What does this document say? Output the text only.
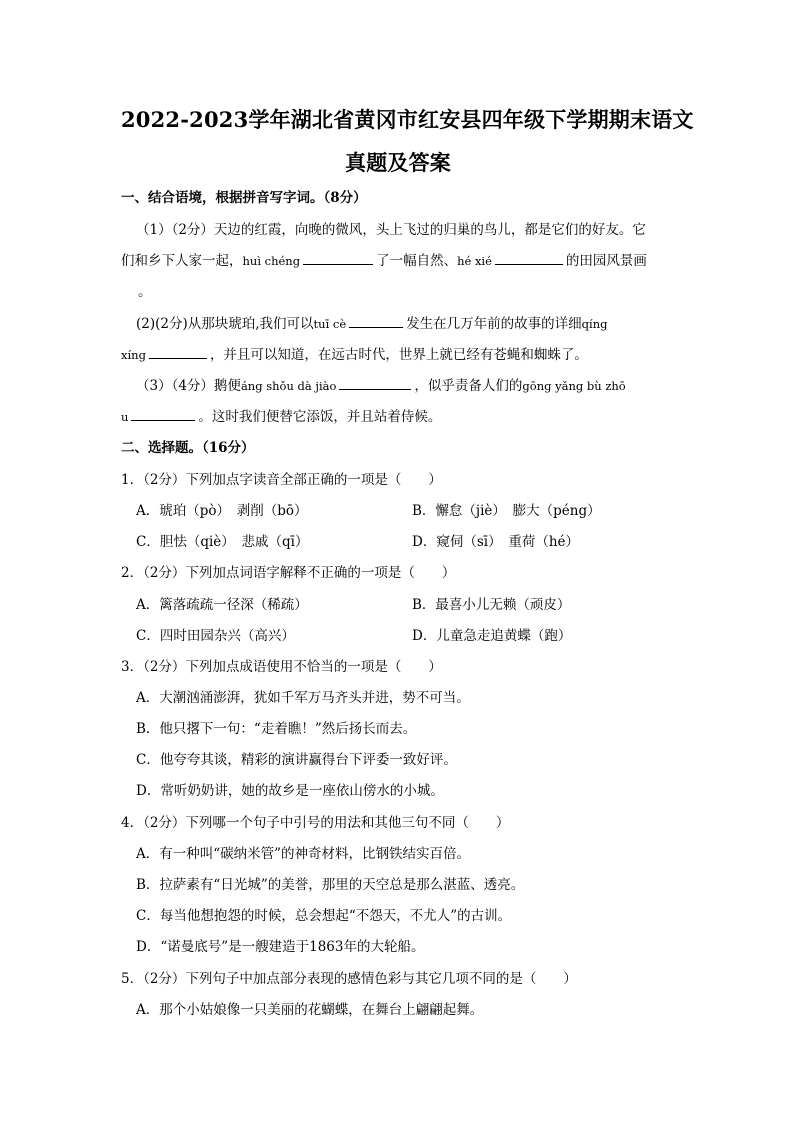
2022-2023学年湖北省黄冈市红安县四年级下学期期末语文
真题及答案
一、结合语境，根据拼音写字词。（8分）
（1）（2分）天边的红霞，向晚的微风，头上飞过的归巢的鸟儿，都是它们的好友。它
们和乡下人家一起，huì chéng	了一幅自然、hé xié	的田园风景画
。
(2)(2分)从那块琥珀,我们可以tuī cè	发生在几万年前的故事的详细qíng
xíng	，并且可以知道，在远古时代，世界上就已经有苍蝇和蜘蛛了。
（3）（4分）鹅便áng shǒu dà jiào	，似乎责备人们的gōng yǎng bù zhō
u	。这时我们便替它添饭，并且站着侍候。
二、选择题。（16分）
1．（2分）下列加点字读音全部正确的一项是（　　）
A．琥珀（pò）　剥削（bō）	B．懈怠（jiè）　膨大（péng）
C．胆怯（qiè）　悲戚（qī）	D．窥伺（sī）　重荷（hé）
2．（2分）下列加点词语字解释不正确的一项是（　　）
A．篱落疏疏一径深（稀疏）	B．最喜小儿无赖（顽皮）
C．四时田园杂兴（高兴）	D．儿童急走追黄蝶（跑）
3．（2分）下列加点成语使用不恰当的一项是（　　）
A．大潮汹涌澎湃，犹如千军万马齐头并进，势不可当。
B．他只撂下一句：“走着瞧！”然后扬长而去。
C．他夸夸其谈，精彩的演讲赢得台下评委一致好评。
D．常听奶奶讲，她的故乡是一座依山傍水的小城。
4．（2分）下列哪一个句子中引号的用法和其他三句不同（　　）
A．有一种叫“碳纳米管”的神奇材料，比钢铁结实百倍。
B．拉萨素有“日光城”的美誉，那里的天空总是那么湛蓝、透亮。
C．每当他想抱怨的时候，总会想起“不怨天，不尤人”的古训。
D．“诺曼底号”是一艘建造于1863年的大轮船。
5．（2分）下列句子中加点部分表现的感情色彩与其它几项不同的是（　　）
A．那个小姑娘像一只美丽的花蝴蝶，在舞台上翩翩起舞。
